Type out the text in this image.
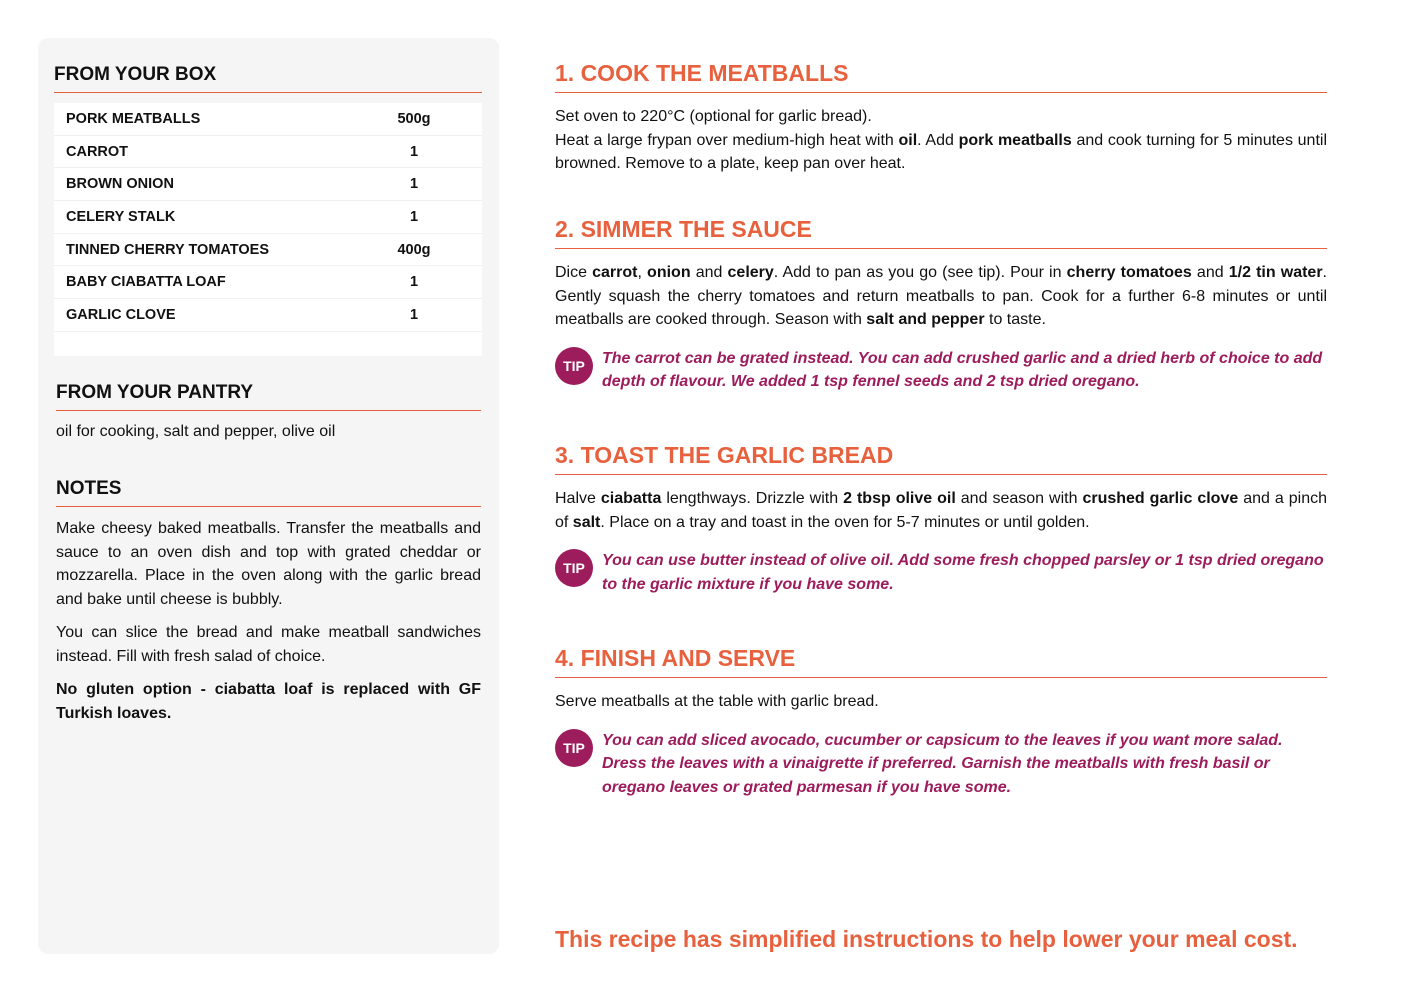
FROM YOUR BOX
PORK MEATBALLS	500g
CARROT	1
BROWN ONION	1
CELERY STALK	1
TINNED CHERRY TOMATOES	400g
BABY CIABATTA LOAF	1
GARLIC CLOVE	1
FROM YOUR PANTRY
oil for cooking, salt and pepper, olive oil
NOTES

Make cheesy baked meatballs. Transfer the meatballs and sauce to an oven dish and top with grated cheddar or mozzarella. Place in the oven along with the garlic bread and bake until cheese is bubbly.

You can slice the bread and make meatball sandwiches instead. Fill with fresh salad of choice.

No gluten option - ciabatta loaf is replaced with GF Turkish loaves.

1. COOK THE MEATBALLS
Set oven to 220°C (optional for garlic bread).
Heat a large frypan over medium-high heat with oil. Add pork meatballs and cook turning for 5 minutes until browned. Remove to a plate, keep pan over heat.
2. SIMMER THE SAUCE
Dice carrot, onion and celery. Add to pan as you go (see tip). Pour in cherry tomatoes and 1/2 tin water. Gently squash the cherry tomatoes and return meatballs to pan. Cook for a further 6-8 minutes or until meatballs are cooked through. Season with salt and pepper to taste.
TIP	The carrot can be grated instead. You can add crushed garlic and a dried herb of choice to add depth of flavour. We added 1 tsp fennel seeds and 2 tsp dried oregano.
3. TOAST THE GARLIC BREAD
Halve ciabatta lengthways. Drizzle with 2 tbsp olive oil and season with crushed garlic clove and a pinch of salt. Place on a tray and toast in the oven for 5-7 minutes or until golden.
TIP	You can use butter instead of olive oil. Add some fresh chopped parsley or 1 tsp dried oregano to the garlic mixture if you have some.
4. FINISH AND SERVE
Serve meatballs at the table with garlic bread.
TIP	You can add sliced avocado, cucumber or capsicum to the leaves if you want more salad. Dress the leaves with a vinaigrette if preferred. Garnish the meatballs with fresh basil or oregano leaves or grated parmesan if you have some.
This recipe has simplified instructions to help lower your meal cost.
